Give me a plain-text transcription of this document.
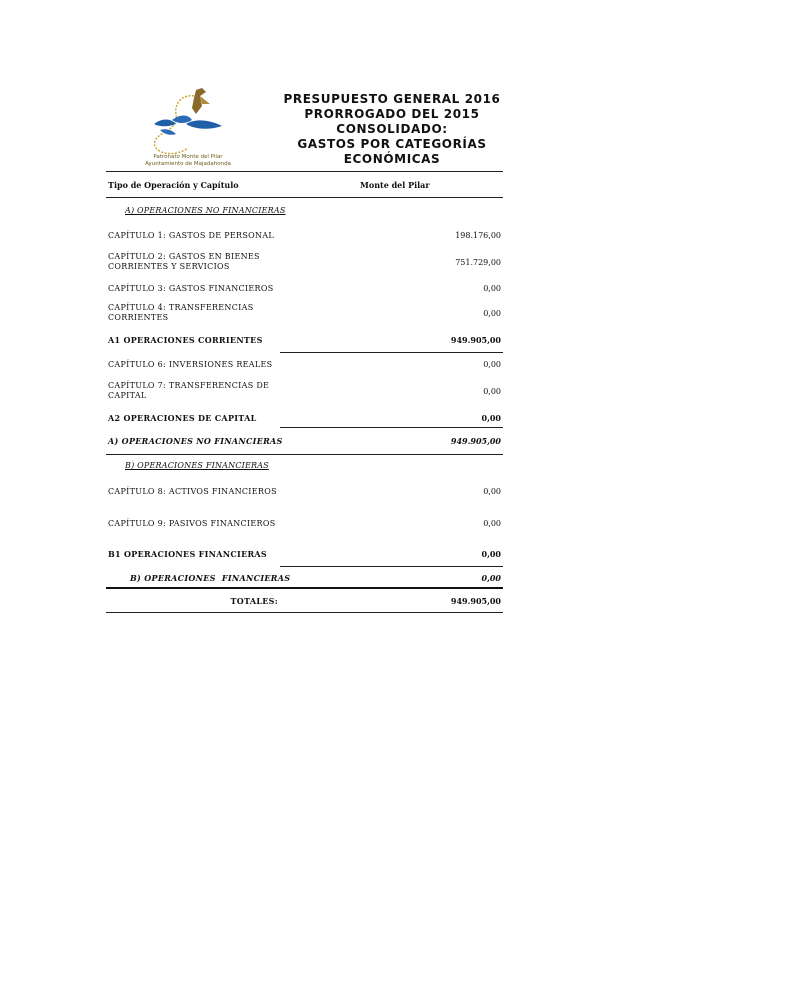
Patronato Monte del Pilar
Ayuntamiento de Majadahonda
PRESUPUESTO GENERAL 2016
PRORROGADO DEL 2015
CONSOLIDADO:
GASTOS POR CATEGORÍAS
ECONÓMICAS
Tipo de Operación y Capítulo	Monte del Pilar
A) OPERACIONES NO FINANCIERAS
CAPÍTULO 1: GASTOS DE PERSONAL	198.176,00
CAPÍTULO 2: GASTOS EN BIENES
CORRIENTES Y SERVICIOS	751.729,00
CAPÍTULO 3: GASTOS FINANCIEROS	0,00
CAPÍTULO 4: TRANSFERENCIAS
CORRIENTES	0,00
A1 OPERACIONES CORRIENTES	949.905,00
CAPÍTULO 6: INVERSIONES REALES	0,00
CAPÍTULO 7: TRANSFERENCIAS DE
CAPITAL	0,00
A2 OPERACIONES DE CAPITAL	0,00
A) OPERACIONES NO FINANCIERAS	949.905,00
B) OPERACIONES FINANCIERAS
CAPÍTULO 8: ACTIVOS FINANCIEROS	0,00
CAPÍTULO 9: PASIVOS FINANCIEROS	0,00
B1 OPERACIONES FINANCIERAS	0,00
B) OPERACIONES  FINANCIERAS	0,00
TOTALES:	949.905,00
